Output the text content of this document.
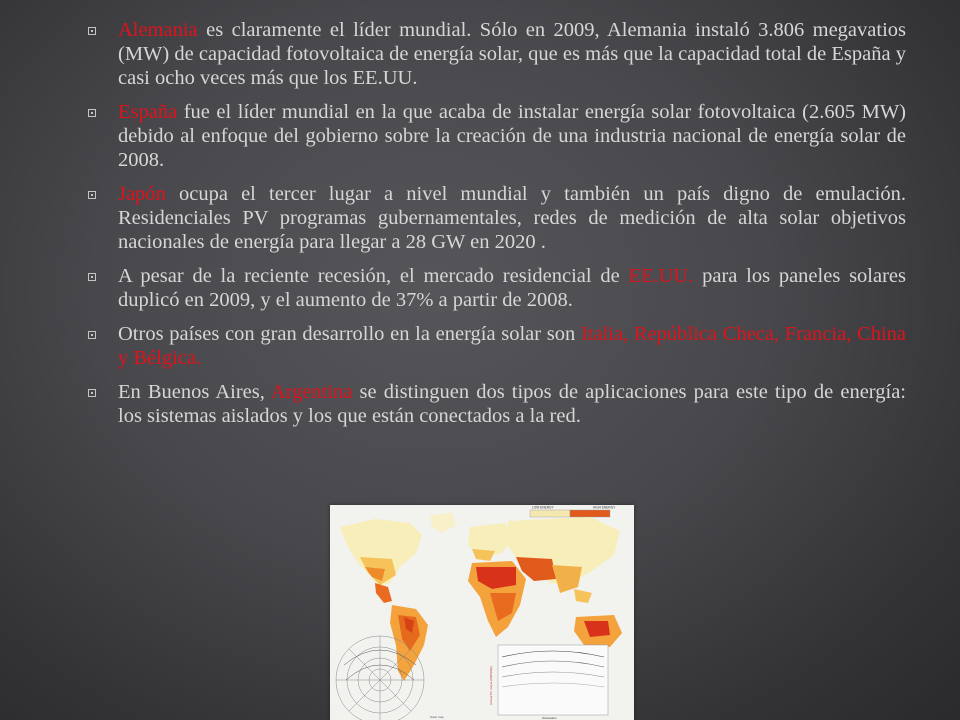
Alemania es claramente el líder mundial. Sólo en 2009, Alemania instaló 3.806 megavatios (MW) de capacidad fotovoltaica de energía solar, que es más que la capacidad total de España y casi ocho veces más que los EE.UU.
España fue el líder mundial en la que acaba de instalar energía solar fotovoltaica (2.605 MW) debido al enfoque del gobierno sobre la creación de una industria nacional de energía solar de 2008.
Japón ocupa el tercer lugar a nivel mundial y también un país digno de emulación. Residenciales PV programas gubernamentales, redes de medición de alta solar objetivos nacionales de energía para llegar a 28 GW en 2020 .
A pesar de la reciente recesión, el mercado residencial de EE.UU. para los paneles solares duplicó en 2009, y el aumento de 37% a partir de 2008.
Otros países con gran desarrollo en la energía solar son Italia, República Checa, Francia, China y Bélgica.
En Buenos Aires, Argentina se distinguen dos tipos de aplicaciones para este tipo de energía: los sistemas aislados y los que están conectados a la red.
LOW ENERGY	HIGH ENERGY
Annual PV output (kWh/kWp)
Orientation
Solar map
